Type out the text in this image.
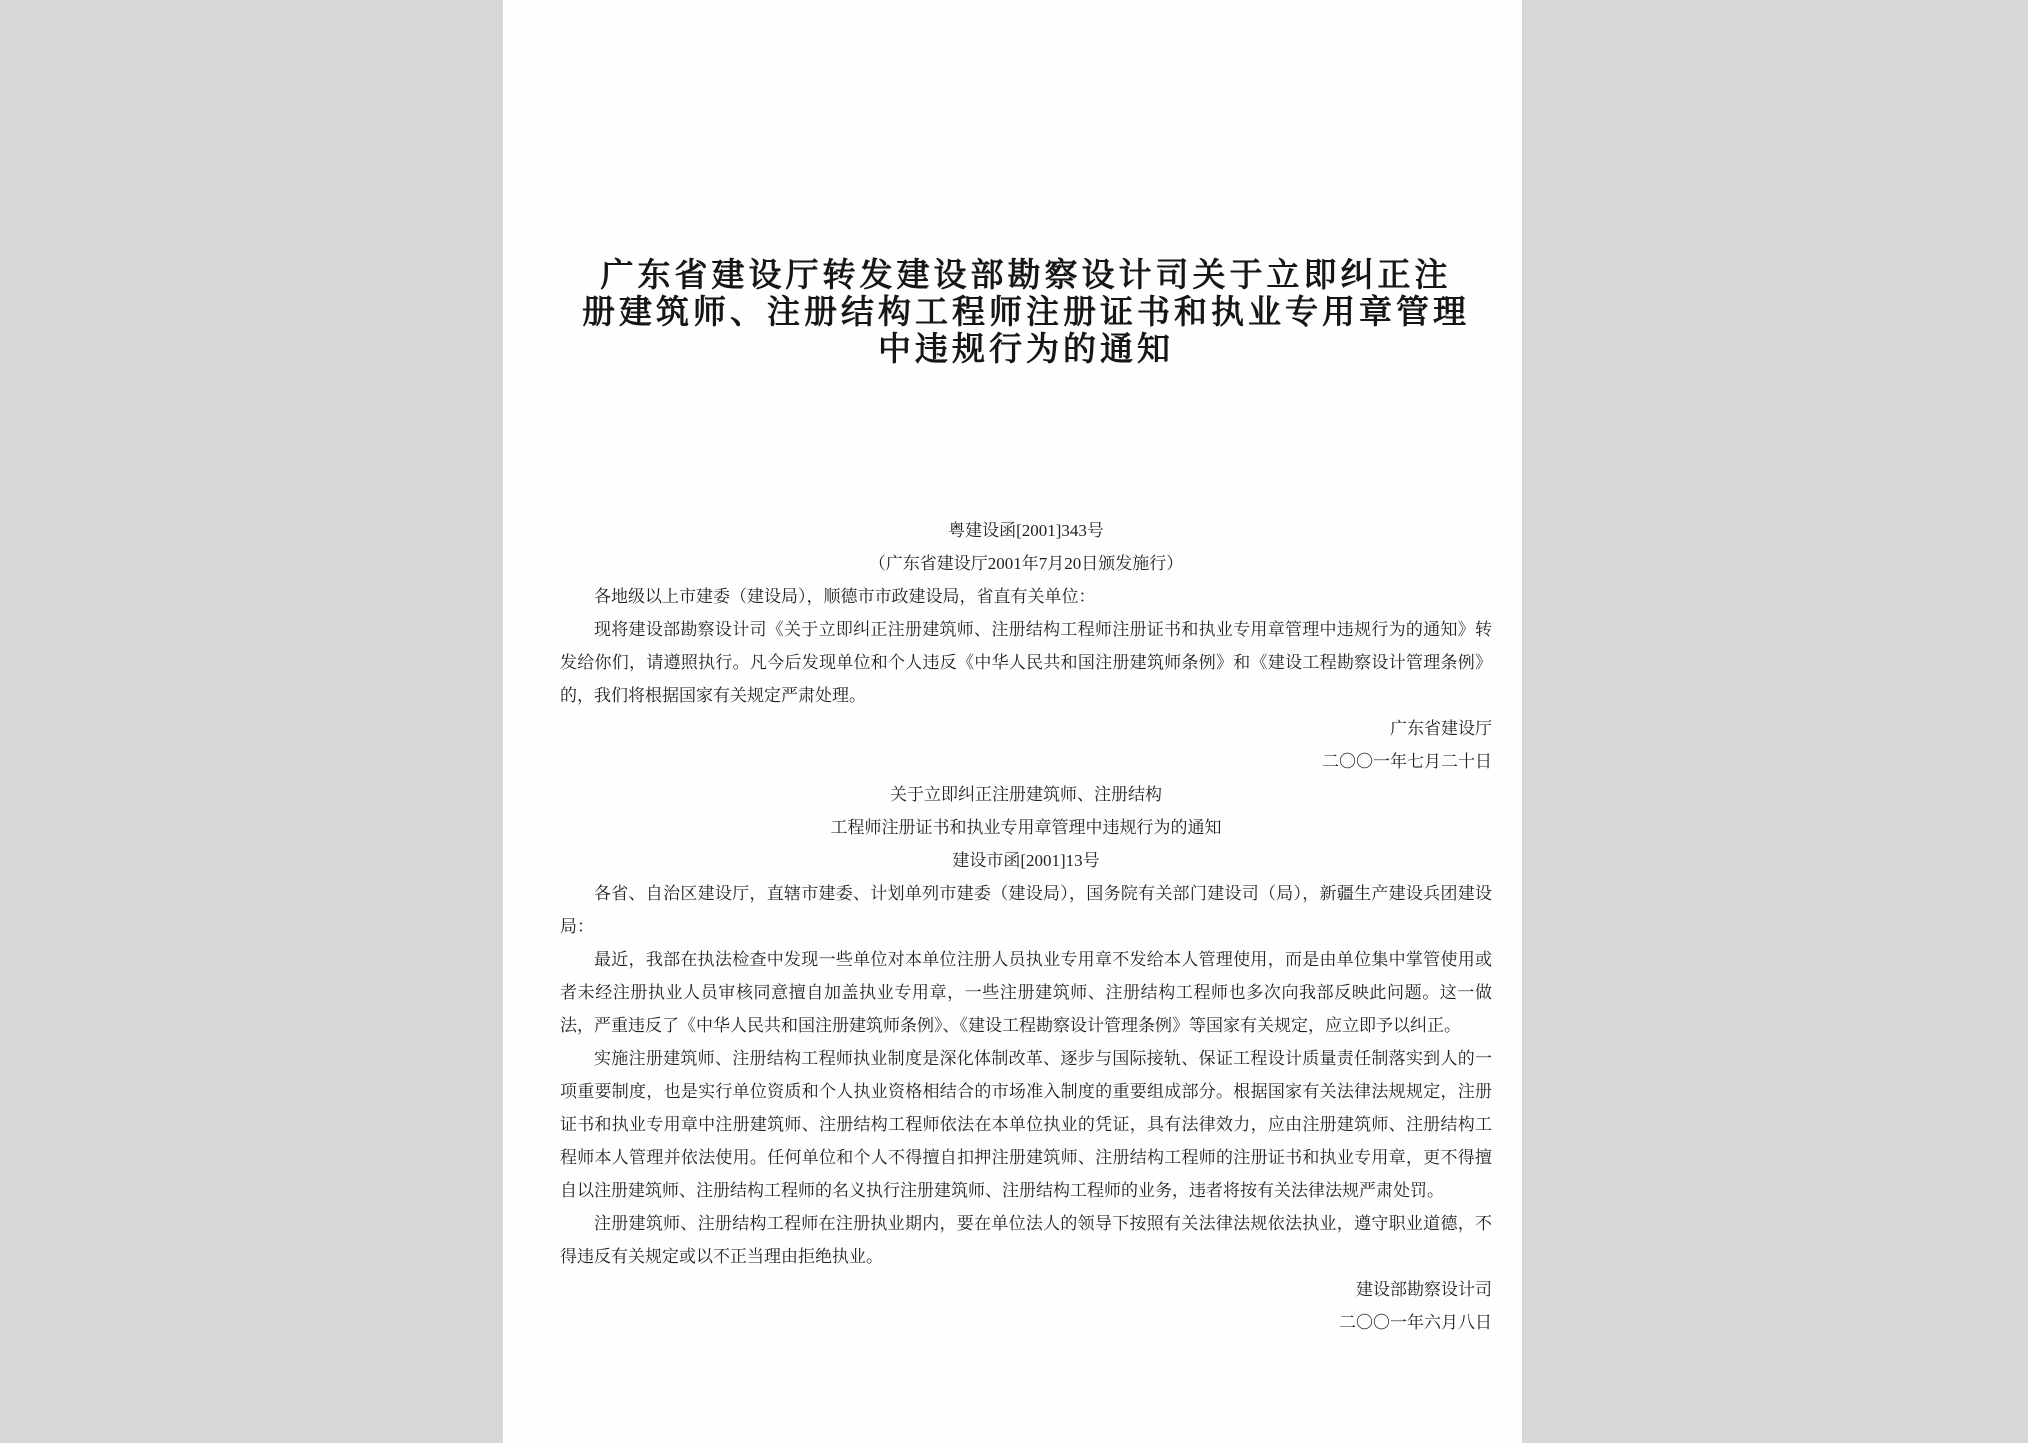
广东省建设厅转发建设部勘察设计司关于立即纠正注
册建筑师、注册结构工程师注册证书和执业专用章管理
中违规行为的通知
粤建设函[2001]343号
（广东省建设厅2001年7月20日颁发施行）

各地级以上市建委（建设局），顺德市市政建设局，省直有关单位：

现将建设部勘察设计司《关于立即纠正注册建筑师、注册结构工程师注册证书和执业专用章管理中违规行为的通知》转发给你们，请遵照执行。凡今后发现单位和个人违反《中华人民共和国注册建筑师条例》和《建设工程勘察设计管理条例》的，我们将根据国家有关规定严肃处理。

广东省建设厅
二〇〇一年七月二十日
关于立即纠正注册建筑师、注册结构
工程师注册证书和执业专用章管理中违规行为的通知
建设市函[2001]13号

各省、自治区建设厅，直辖市建委、计划单列市建委（建设局），国务院有关部门建设司（局），新疆生产建设兵团建设局：

最近，我部在执法检查中发现一些单位对本单位注册人员执业专用章不发给本人管理使用，而是由单位集中掌管使用或者未经注册执业人员审核同意擅自加盖执业专用章，一些注册建筑师、注册结构工程师也多次向我部反映此问题。这一做法，严重违反了《中华人民共和国注册建筑师条例》、《建设工程勘察设计管理条例》等国家有关规定，应立即予以纠正。

实施注册建筑师、注册结构工程师执业制度是深化体制改革、逐步与国际接轨、保证工程设计质量责任制落实到人的一项重要制度，也是实行单位资质和个人执业资格相结合的市场准入制度的重要组成部分。根据国家有关法律法规规定，注册证书和执业专用章中注册建筑师、注册结构工程师依法在本单位执业的凭证，具有法律效力，应由注册建筑师、注册结构工程师本人管理并依法使用。任何单位和个人不得擅自扣押注册建筑师、注册结构工程师的注册证书和执业专用章，更不得擅自以注册建筑师、注册结构工程师的名义执行注册建筑师、注册结构工程师的业务，违者将按有关法律法规严肃处罚。

注册建筑师、注册结构工程师在注册执业期内，要在单位法人的领导下按照有关法律法规依法执业，遵守职业道德，不得违反有关规定或以不正当理由拒绝执业。

建设部勘察设计司
二〇〇一年六月八日
